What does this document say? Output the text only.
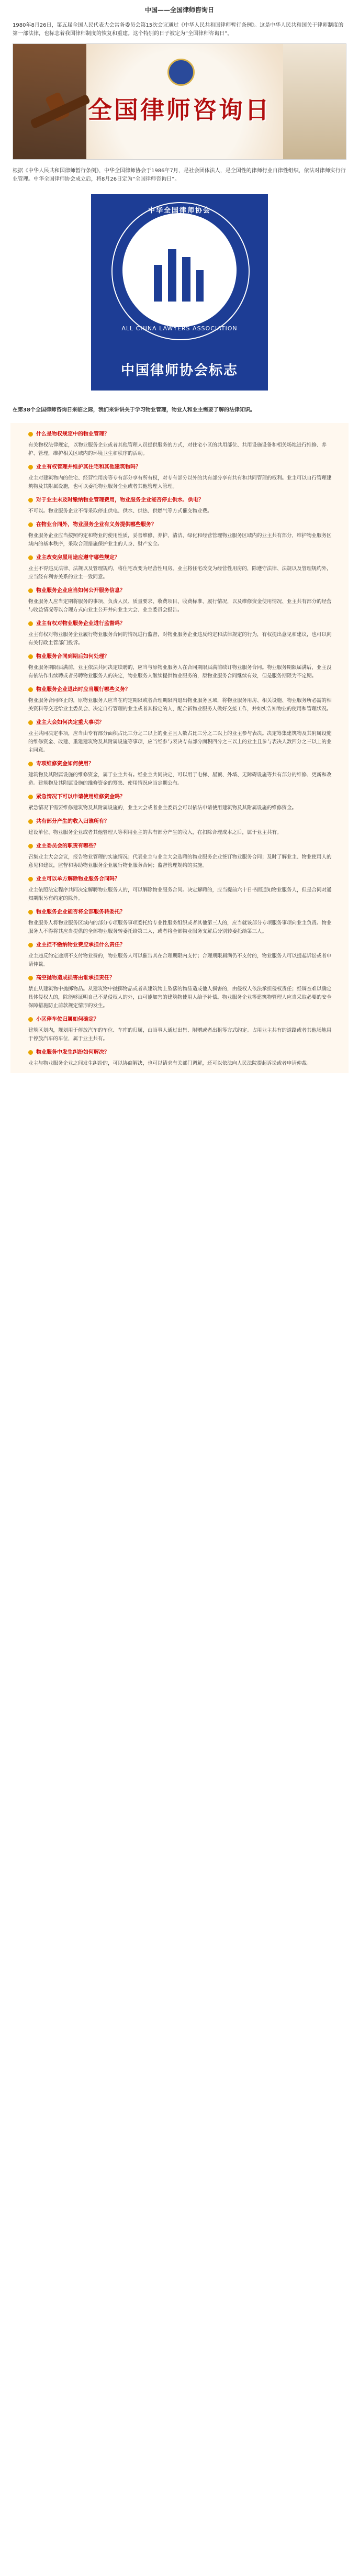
中国——全国律师咨询日

1980年8月26日，第五届全国人民代表大会常务委员会第15次会议通过《中华人民共和国律师暂行条例》。这是中华人民共和国关于律师制度的第一部法律，也标志着我国律师制度的恢复和重建。这个特别的日子被定为“全国律师咨询日”。

全国律师咨询日

根据《中华人民共和国律师暂行条例》，中华全国律师协会于1986年7月，是社会团体法人，是全国性的律师行业自律性组织，依法对律师实行行业管理。中华全国律师协会成立后，将8月26日定为“全国律师咨询日”。

中华全国律师协会
ALL CHINA LAWYERS ASSOCIATION
中国律师协会标志
在第38个全国律师咨询日来临之际，我们来讲讲关于学习物业管理，物业人和业主需要了解的法律知识。
什么是物权规定中的物业管理？

有关物权法律规定，以物业服务企业或者其他管理人员提供服务的方式，对住宅小区的共用部位、共用设施设备和相关场地进行维修、养护、管理，维护相关区域内的环境卫生和秩序的活动。

业主有权管理并维护其住宅和其他建筑物吗？

业主对建筑物内的住宅、经营性用房等专有部分享有所有权，对专有部分以外的共有部分享有共有和共同管理的权利。业主可以自行管理建筑物及其附属设施，也可以委托物业服务企业或者其他管理人管理。

对于业主未及时缴纳物业管理费用，物业服务企业能否停止供水、供电？

不可以。物业服务企业不得采取停止供电、供水、供热、供燃气等方式催交物业费。

在物业合同外，物业服务企业有义务提供哪些服务？

物业服务企业应当按照约定和物业的使用性质，妥善维修、养护、清洁、绿化和经营管理物业服务区域内的业主共有部分，维护物业服务区域内的基本秩序，采取合理措施保护业主的人身、财产安全。

业主改变房屋用途应遵守哪些规定？

业主不得违反法律、法规以及管理规约，将住宅改变为经营性用房。业主将住宅改变为经营性用房的，除遵守法律、法规以及管理规约外，应当经有利害关系的业主一致同意。

物业服务企业应当如何公开服务信息？

物业服务人应当定期将服务的事项、负责人员、质量要求、收费项目、收费标准、履行情况，以及维修资金使用情况、业主共有部分的经营与收益情况等以合理方式向业主公开并向业主大会、业主委员会报告。

业主有权对物业服务企业进行监督吗？

业主有权对物业服务企业履行物业服务合同的情况进行监督，对物业服务企业违反约定和法律规定的行为，有权提出意见和建议，也可以向有关行政主管部门投诉。

物业服务合同到期后如何处理？

物业服务期限届满前，业主依法共同决定续聘的，应当与原物业服务人在合同期限届满前续订物业服务合同。物业服务期限届满后，业主没有依法作出续聘或者另聘物业服务人的决定，物业服务人继续提供物业服务的，原物业服务合同继续有效，但是服务期限为不定期。

物业服务企业退出时应当履行哪些义务？

物业服务合同终止的，原物业服务人应当在约定期限或者合理期限内退出物业服务区域，将物业服务用房、相关设施、物业服务所必需的相关资料等交还给业主委员会、决定自行管理的业主或者其指定的人，配合新物业服务人做好交接工作，并如实告知物业的使用和管理状况。

业主大会如何决定重大事项？

业主共同决定事项，应当由专有部分面积占比三分之二以上的业主且人数占比三分之二以上的业主参与表决。决定筹集建筑物及其附属设施的维修资金、改建、重建建筑物及其附属设施等事项，应当经参与表决专有部分面积四分之三以上的业主且参与表决人数四分之三以上的业主同意。

专项维修资金如何使用？

建筑物及其附属设施的维修资金，属于业主共有。经业主共同决定，可以用于电梯、屋顶、外墙、无障碍设施等共有部分的维修、更新和改造。建筑物及其附属设施的维修资金的筹集、使用情况应当定期公布。

紧急情况下可以申请使用维修资金吗？

紧急情况下需要维修建筑物及其附属设施的，业主大会或者业主委员会可以依法申请使用建筑物及其附属设施的维修资金。

共有部分产生的收入归谁所有？

建设单位、物业服务企业或者其他管理人等利用业主的共有部分产生的收入，在扣除合理成本之后，属于业主共有。

业主委员会的职责有哪些？

召集业主大会会议，报告物业管理的实施情况；代表业主与业主大会选聘的物业服务企业签订物业服务合同；及时了解业主、物业使用人的意见和建议，监督和协助物业服务企业履行物业服务合同；监督管理规约的实施。

业主可以单方解除物业服务合同吗？

业主依照法定程序共同决定解聘物业服务人的，可以解除物业服务合同。决定解聘的，应当提前六十日书面通知物业服务人，但是合同对通知期限另有约定的除外。

物业服务企业能否将全部服务转委托？

物业服务人将物业服务区域内的部分专项服务事项委托给专业性服务组织或者其他第三人的，应当就该部分专项服务事项向业主负责。物业服务人不得将其应当提供的全部物业服务转委托给第三人，或者将全部物业服务支解后分别转委托给第三人。

业主拒不缴纳物业费应承担什么责任？

业主违反约定逾期不支付物业费的，物业服务人可以催告其在合理期限内支付；合理期限届满仍不支付的，物业服务人可以提起诉讼或者申请仲裁。

高空抛物造成损害由谁承担责任？

禁止从建筑物中抛掷物品。从建筑物中抛掷物品或者从建筑物上坠落的物品造成他人损害的，由侵权人依法承担侵权责任；经调查难以确定具体侵权人的，除能够证明自己不是侵权人的外，由可能加害的建筑物使用人给予补偿。物业服务企业等建筑物管理人应当采取必要的安全保障措施防止前款规定情形的发生。

小区停车位归属如何确定？

建筑区划内，规划用于停放汽车的车位、车库的归属，由当事人通过出售、附赠或者出租等方式约定。占用业主共有的道路或者其他场地用于停放汽车的车位，属于业主共有。

物业服务中发生纠纷如何解决？

业主与物业服务企业之间发生纠纷的，可以协商解决，也可以请求有关部门调解，还可以依法向人民法院提起诉讼或者申请仲裁。
